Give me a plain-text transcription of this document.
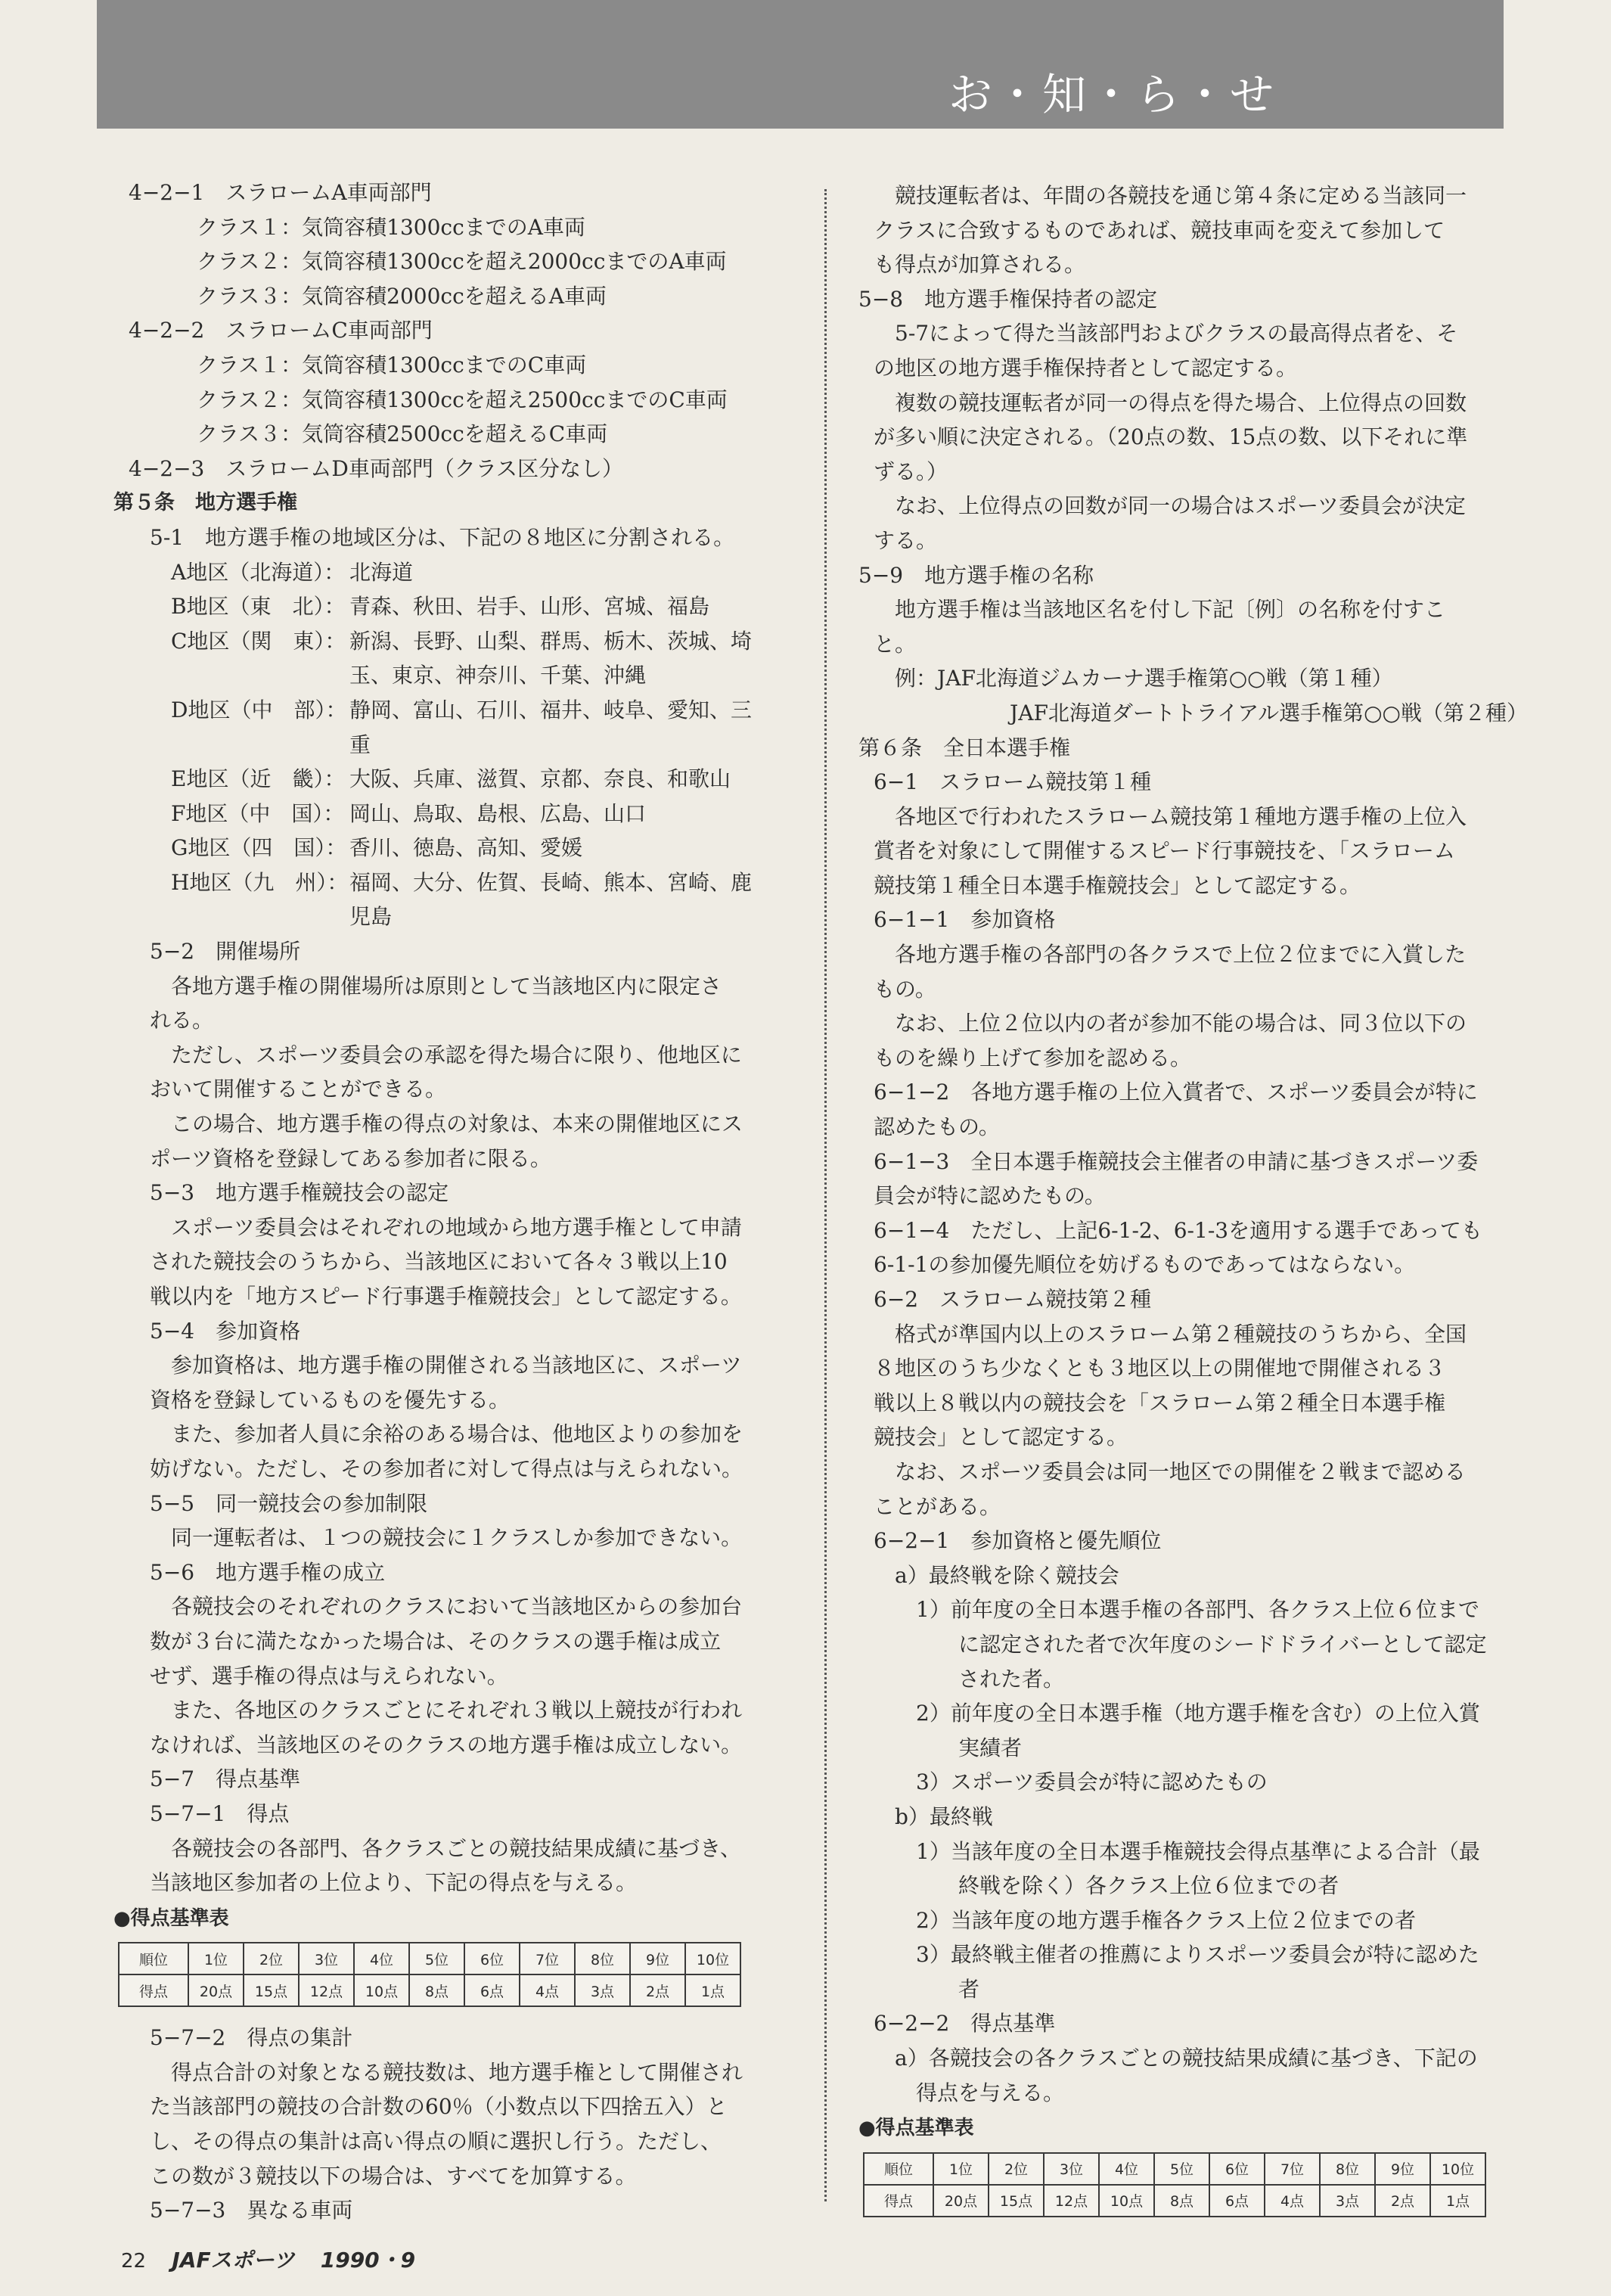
お・知・ら・せ
4−2−1　スラロームA車両部門
クラス１：気筒容積1300ccまでのA車両
クラス２：気筒容積1300ccを超え2000ccまでのA車両
クラス３：気筒容積2000ccを超えるA車両
4−2−2　スラロームC車両部門
クラス１：気筒容積1300ccまでのC車両
クラス２：気筒容積1300ccを超え2500ccまでのC車両
クラス３：気筒容積2500ccを超えるC車両
4−2−3　スラロームD車両部門（クラス区分なし）
第５条　地方選手権
5-1　地方選手権の地域区分は、下記の８地区に分割される。
A地区（北海道）： 北海道
B地区（東　北）： 青森、秋田、岩手、山形、宮城、福島
C地区（関　東）： 新潟、長野、山梨、群馬、栃木、茨城、埼
玉、東京、神奈川、千葉、沖縄
D地区（中　部）： 静岡、富山、石川、福井、岐阜、愛知、三
重
E地区（近　畿）： 大阪、兵庫、滋賀、京都、奈良、和歌山
F地区（中　国）： 岡山、鳥取、島根、広島、山口
G地区（四　国）： 香川、徳島、高知、愛媛
H地区（九　州）：福岡、大分、佐賀、長崎、熊本、宮崎、鹿
児島
5−2　開催場所
各地方選手権の開催場所は原則として当該地区内に限定さ
れる。
ただし、スポーツ委員会の承認を得た場合に限り、他地区に
おいて開催することができる。
この場合、地方選手権の得点の対象は、本来の開催地区にス
ポーツ資格を登録してある参加者に限る。
5−3　地方選手権競技会の認定
スポーツ委員会はそれぞれの地域から地方選手権として申請
された競技会のうちから、当該地区において各々３戦以上10
戦以内を「地方スピード行事選手権競技会」として認定する。
5−4　参加資格
参加資格は、地方選手権の開催される当該地区に、スポーツ
資格を登録しているものを優先する。
また、参加者人員に余裕のある場合は、他地区よりの参加を
妨げない。ただし、その参加者に対して得点は与えられない。
5−5　同一競技会の参加制限
同一運転者は、１つの競技会に１クラスしか参加できない。
5−6　地方選手権の成立
各競技会のそれぞれのクラスにおいて当該地区からの参加台
数が３台に満たなかった場合は、そのクラスの選手権は成立
せず、選手権の得点は与えられない。
また、各地区のクラスごとにそれぞれ３戦以上競技が行われ
なければ、当該地区のそのクラスの地方選手権は成立しない。
5−7　得点基準
5−7−1　得点
各競技会の各部門、各クラスごとの競技結果成績に基づき、
当該地区参加者の上位より、下記の得点を与える。
●得点基準表
順位	1位	2位	3位	4位	5位	6位	7位	8位	9位	10位
得点	20点	15点	12点	10点	8点	6点	4点	3点	2点	1点
5−7−2　得点の集計
得点合計の対象となる競技数は、地方選手権として開催され
た当該部門の競技の合計数の60％（小数点以下四捨五入）と
し、その得点の集計は高い得点の順に選択し行う。ただし、
この数が３競技以下の場合は、すべてを加算する。
5−7−3　異なる車両
競技運転者は、年間の各競技を通じ第４条に定める当該同一
クラスに合致するものであれば、競技車両を変えて参加して
も得点が加算される。
5−8　地方選手権保持者の認定
5-7によって得た当該部門およびクラスの最高得点者を、そ
の地区の地方選手権保持者として認定する。
複数の競技運転者が同一の得点を得た場合、上位得点の回数
が多い順に決定される。（20点の数、15点の数、以下それに準
ずる。）
なお、上位得点の回数が同一の場合はスポーツ委員会が決定
する。
5−9　地方選手権の名称
地方選手権は当該地区名を付し下記〔例〕の名称を付すこ
と。
例：JAF北海道ジムカーナ選手権第○○戦（第１種）
JAF北海道ダートトライアル選手権第○○戦（第２種）
第６条　全日本選手権
6−1　スラローム競技第１種
各地区で行われたスラローム競技第１種地方選手権の上位入
賞者を対象にして開催するスピード行事競技を、「スラローム
競技第１種全日本選手権競技会」として認定する。
6−1−1　参加資格
各地方選手権の各部門の各クラスで上位２位までに入賞した
もの。
なお、上位２位以内の者が参加不能の場合は、同３位以下の
ものを繰り上げて参加を認める。
6−1−2　各地方選手権の上位入賞者で、スポーツ委員会が特に
認めたもの。
6−1−3　全日本選手権競技会主催者の申請に基づきスポーツ委
員会が特に認めたもの。
6−1−4　ただし、上記6-1-2、6-1-3を適用する選手であっても
6-1-1の参加優先順位を妨げるものであってはならない。
6−2　スラローム競技第２種
格式が準国内以上のスラローム第２種競技のうちから、全国
８地区のうち少なくとも３地区以上の開催地で開催される３
戦以上８戦以内の競技会を「スラローム第２種全日本選手権
競技会」として認定する。
なお、スポーツ委員会は同一地区での開催を２戦まで認める
ことがある。
6−2−1　参加資格と優先順位
a）最終戦を除く競技会
1）前年度の全日本選手権の各部門、各クラス上位６位まで
に認定された者で次年度のシードドライバーとして認定
された者。
2）前年度の全日本選手権（地方選手権を含む）の上位入賞
実績者
3）スポーツ委員会が特に認めたもの
b）最終戦
1）当該年度の全日本選手権競技会得点基準による合計（最
終戦を除く）各クラス上位６位までの者
2）当該年度の地方選手権各クラス上位２位までの者
3）最終戦主催者の推薦によりスポーツ委員会が特に認めた
者
6−2−2　得点基準
a）各競技会の各クラスごとの競技結果成績に基づき、下記の
得点を与える。
●得点基準表
順位	1位	2位	3位	4位	5位	6位	7位	8位	9位	10位
得点	20点	15点	12点	10点	8点	6点	4点	3点	2点	1点
22 JAFスポーツ 1990・9
